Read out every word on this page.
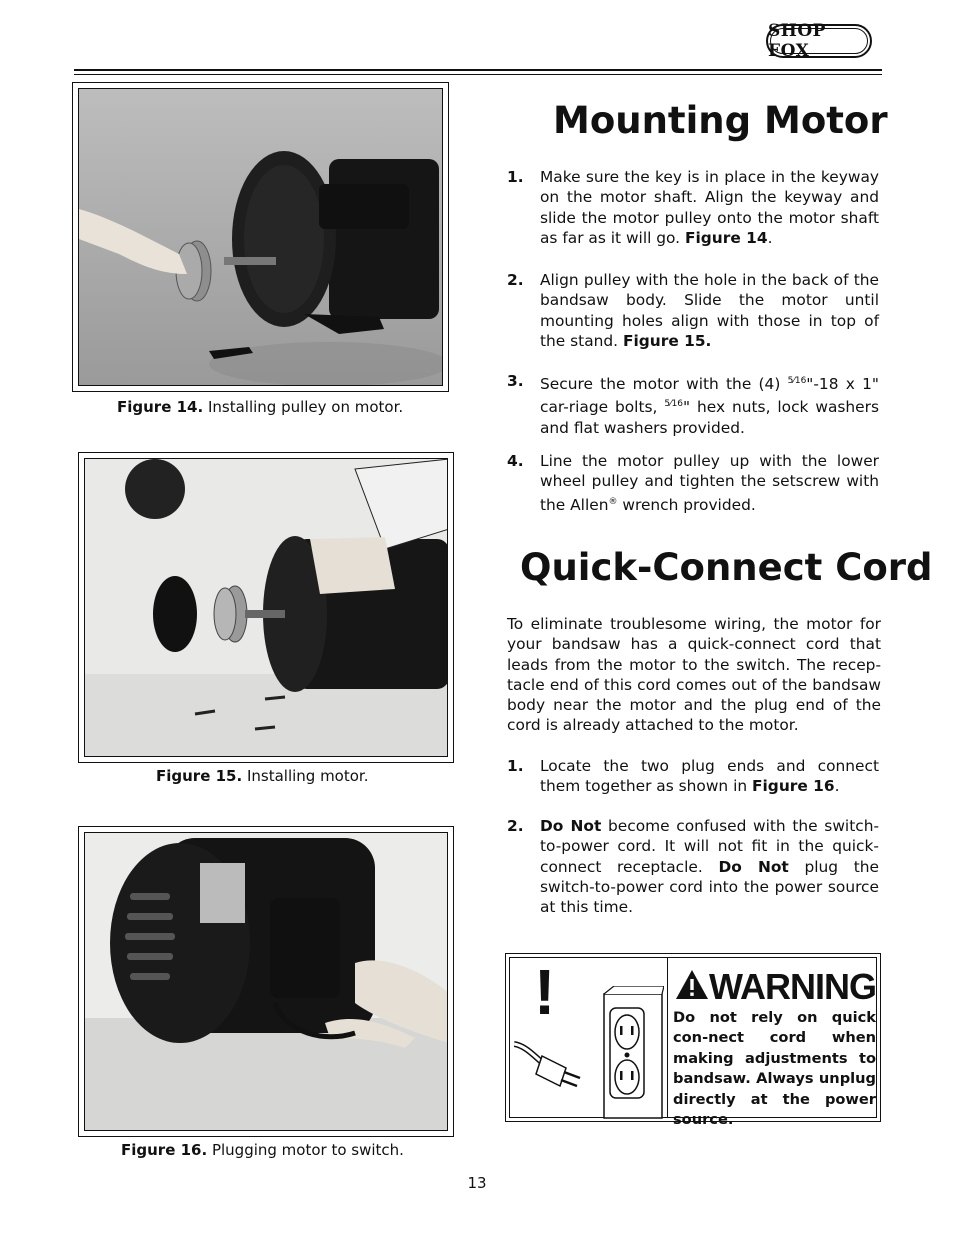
SHOP FOX
Figure 14. Installing pulley on motor.
Figure 15. Installing motor.
Figure 16. Plugging motor to switch.
Mounting Motor
1. Make sure the key is in place in the keyway on the motor shaft. Align the keyway and slide the motor pulley onto the motor shaft as far as it will go. Figure 14.
2. Align pulley with the hole in the back of the bandsaw body. Slide the motor until mounting holes align with those in top of the stand. Figure 15.
3. Secure the motor with the (4) $^{5⁄16}$"-18 x 1" car-riage bolts, $^{5⁄16}$" hex nuts, lock washers and flat washers provided.
4. Line the motor pulley up with the lower wheel pulley and tighten the setscrew with the Allen® wrench provided.
Quick-Connect Cord
To eliminate troublesome wiring, the motor for your bandsaw has a quick-connect cord that leads from the motor to the switch. The recep-tacle end of this cord comes out of the bandsaw body near the motor and the plug end of the cord is already attached to the motor.
1. Locate the two plug ends and connect them together as shown in Figure 16.
2. Do Not become confused with the switch-to-power cord. It will not fit in the quick-connect receptacle. Do Not plug the switch-to-power cord into the power source at this time.
!	WARNING
Do not rely on quick con-nect cord when making adjustments to bandsaw. Always unplug directly at the power source.
13
